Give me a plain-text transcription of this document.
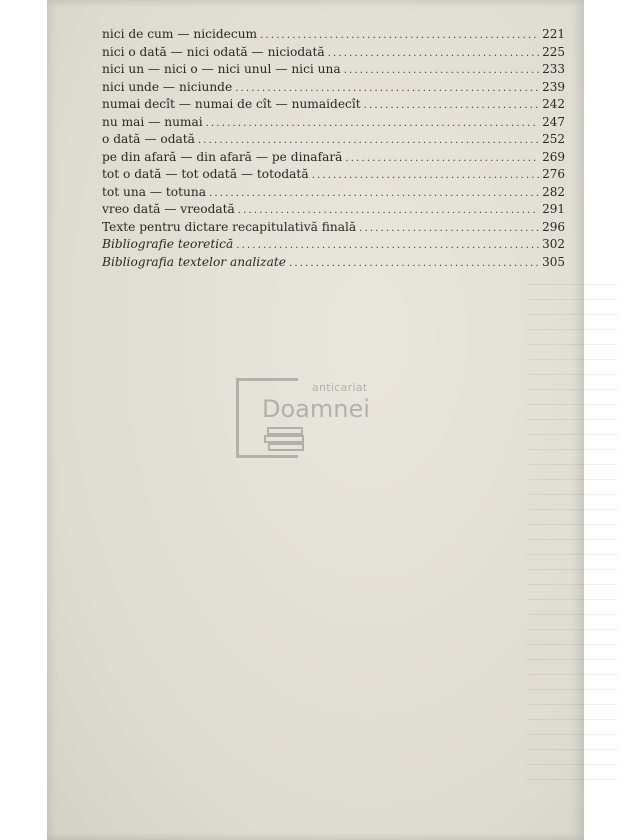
nici de cum — nicidecum . . .	221
nici o dată — nici odată — niciodată . . .	225
nici un — nici o — nici unul — nici una . . .	233
nici unde — niciunde . . .	239
numai decît — numai de cît — numaidecît . . .	242
nu mai — numai . . .	247
o dată — odată . . .	252
pe din afară — din afară — pe dinafară . . .	269
tot o dată — tot odată — totodată . . .	276
tot una — totuna . . .	282
vreo dată — vreodată . . .	291
Texte pentru dictare recapitulativă finală . . .	296
Bibliografie teoretică . . .	302
Bibliografia textelor analizate . . .	305
anticariat
Doamnei
